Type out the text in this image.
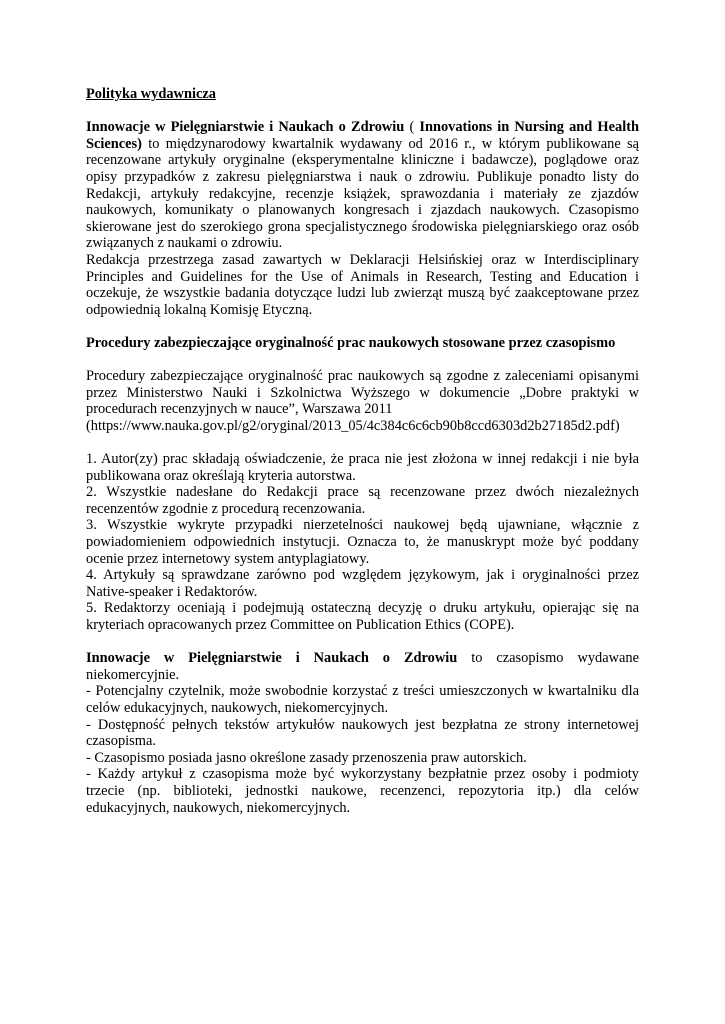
Polityka wydawnicza

Innowacje w Pielęgniarstwie i Naukach o Zdrowiu ( Innovations in Nursing and Health Sciences) to międzynarodowy kwartalnik wydawany od 2016 r., w którym publikowane są recenzowane artykuły oryginalne (eksperymentalne kliniczne i badawcze), poglądowe oraz opisy przypadków z zakresu pielęgniarstwa i nauk o zdrowiu. Publikuje ponadto listy do Redakcji, artykuły redakcyjne, recenzje książek, sprawozdania i materiały ze zjazdów naukowych, komunikaty o planowanych kongresach i zjazdach naukowych. Czasopismo skierowane jest do szerokiego grona specjalistycznego środowiska pielęgniarskiego oraz osób związanych z naukami o zdrowiu.

Redakcja przestrzega zasad zawartych w Deklaracji Helsińskiej oraz w Interdisciplinary Principles and Guidelines for the Use of Animals in Research, Testing and Education i oczekuje, że wszystkie badania dotyczące ludzi lub zwierząt muszą być zaakceptowane przez odpowiednią lokalną Komisję Etyczną.

Procedury zabezpieczające oryginalność prac naukowych stosowane przez czasopismo

Procedury zabezpieczające oryginalność prac naukowych są zgodne z zaleceniami opisanymi przez Ministerstwo Nauki i Szkolnictwa Wyższego w dokumencie „Dobre praktyki w procedurach recenzyjnych w nauce”, Warszawa 2011

(https://www.nauka.gov.pl/g2/oryginal/2013_05/4c384c6c6cb90b8ccd6303d2b27185d2.pdf)

1. Autor(zy) prac składają oświadczenie, że praca nie jest złożona w innej redakcji i nie była publikowana oraz określają kryteria autorstwa.

2. Wszystkie nadesłane do Redakcji prace są recenzowane przez dwóch niezależnych recenzentów zgodnie z procedurą recenzowania.

3. Wszystkie wykryte przypadki nierzetelności naukowej będą ujawniane, włącznie z powiadomieniem odpowiednich instytucji. Oznacza to, że manuskrypt może być poddany ocenie przez internetowy system antyplagiatowy.

4. Artykuły są sprawdzane zarówno pod względem językowym, jak i oryginalności przez Native-speaker i Redaktorów.

5. Redaktorzy oceniają i podejmują ostateczną decyzję o druku artykułu, opierając się na kryteriach opracowanych przez Committee on Publication Ethics (COPE).

Innowacje w Pielęgniarstwie i Naukach o Zdrowiu to czasopismo wydawane niekomercyjnie.

- Potencjalny czytelnik, może swobodnie korzystać z treści umieszczonych w kwartalniku dla celów edukacyjnych, naukowych, niekomercyjnych.

- Dostępność pełnych tekstów artykułów naukowych jest bezpłatna ze strony internetowej czasopisma.

- Czasopismo posiada jasno określone zasady przenoszenia praw autorskich.

- Każdy artykuł z czasopisma może być wykorzystany bezpłatnie przez osoby i podmioty trzecie (np. biblioteki, jednostki naukowe, recenzenci, repozytoria itp.) dla celów edukacyjnych, naukowych, niekomercyjnych.
